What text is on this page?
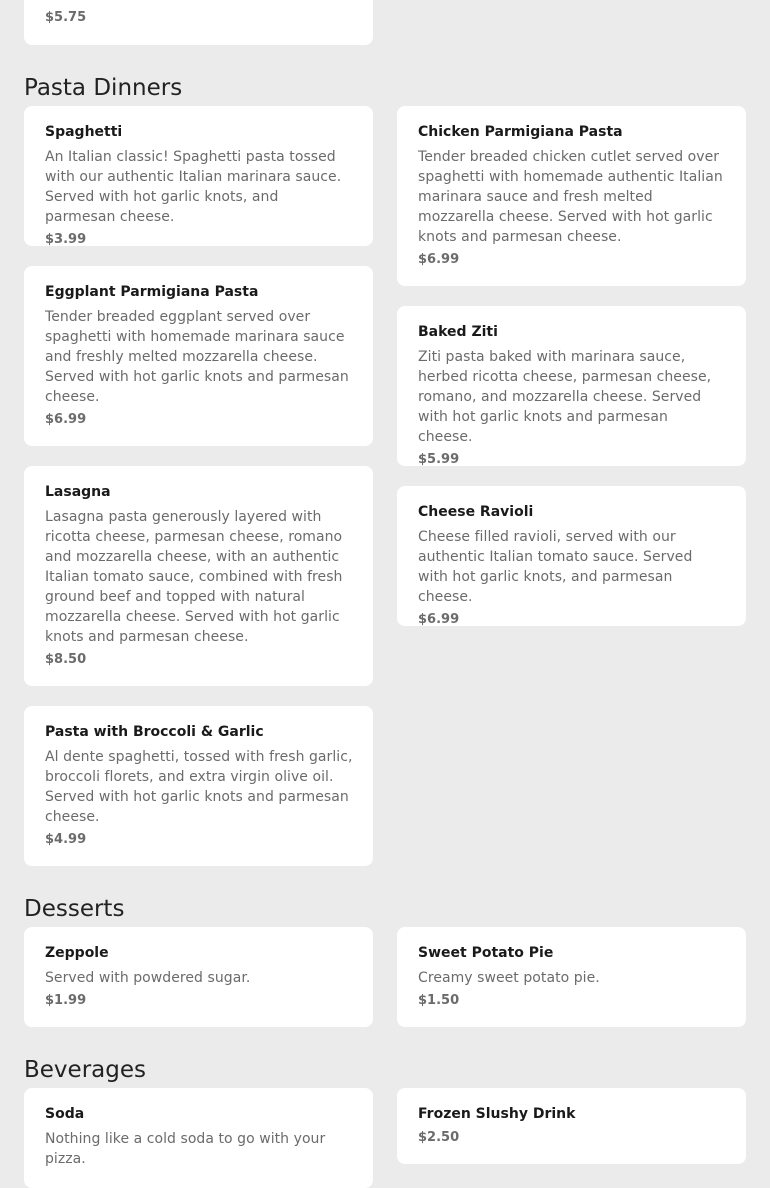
$5.75

Pasta Dinners

Spaghetti

An Italian classic! Spaghetti pasta tossed with our authentic Italian marinara sauce. Served with hot garlic knots, and parmesan cheese.

$3.99

Chicken Parmigiana Pasta

Tender breaded chicken cutlet served over spaghetti with homemade authentic Italian marinara sauce and fresh melted mozzarella cheese. Served with hot garlic knots and parmesan cheese.

$6.99

Eggplant Parmigiana Pasta

Tender breaded eggplant served over spaghetti with homemade marinara sauce and freshly melted mozzarella cheese. Served with hot garlic knots and parmesan cheese.

$6.99

Baked Ziti

Ziti pasta baked with marinara sauce, herbed ricotta cheese, parmesan cheese, romano, and mozzarella cheese. Served with hot garlic knots and parmesan cheese.

$5.99

Lasagna

Lasagna pasta generously layered with ricotta cheese, parmesan cheese, romano and mozzarella cheese, with an authentic Italian tomato sauce, combined with fresh ground beef and topped with natural mozzarella cheese. Served with hot garlic knots and parmesan cheese.

$8.50

Cheese Ravioli

Cheese filled ravioli, served with our authentic Italian tomato sauce. Served with hot garlic knots, and parmesan cheese.

$6.99

Pasta with Broccoli & Garlic

Al dente spaghetti, tossed with fresh garlic, broccoli florets, and extra virgin olive oil. Served with hot garlic knots and parmesan cheese.

$4.99

Desserts

Zeppole

Served with powdered sugar.

$1.99

Sweet Potato Pie

Creamy sweet potato pie.

$1.50

Beverages

Soda

Nothing like a cold soda to go with your pizza.

Frozen Slushy Drink

$2.50
